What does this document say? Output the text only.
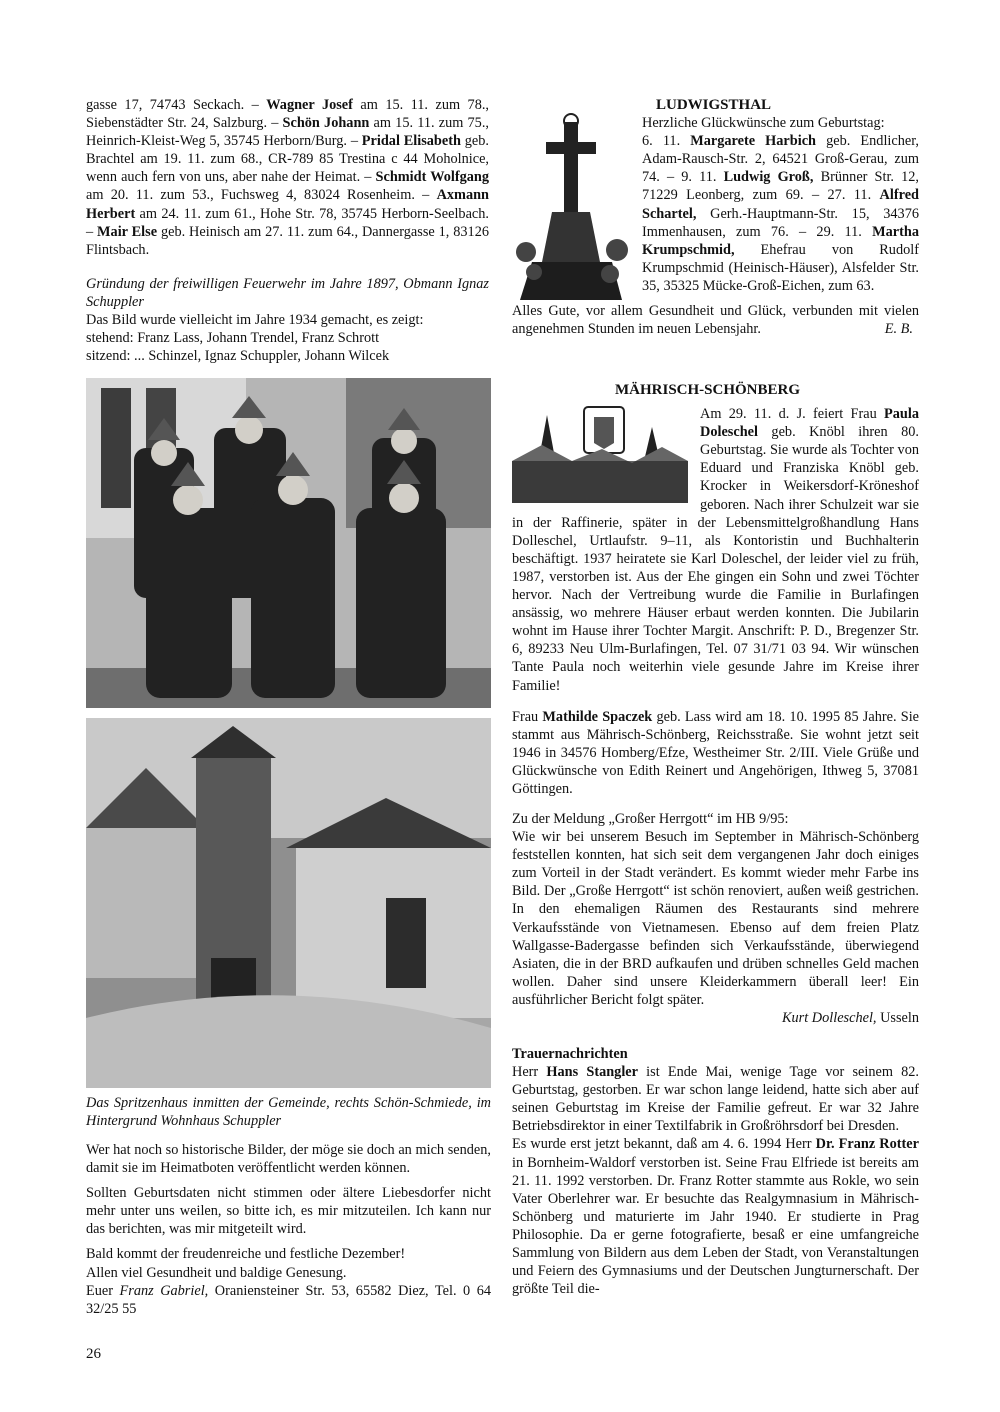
gasse 17, 74743 Seckach. – Wagner Josef am 15. 11. zum 78., Siebenstädter Str. 24, Salzburg. – Schön Johann am 15. 11. zum 75., Heinrich-Kleist-Weg 5, 35745 Herborn/Burg. – Pridal Elisabeth geb. Brachtel am 19. 11. zum 68., CR-789 85 Trestina c 44 Moholnice, wenn auch fern von uns, aber nahe der Heimat. – Schmidt Wolfgang am 20. 11. zum 53., Fuchsweg 4, 83024 Rosenheim. – Axmann Herbert am 24. 11. zum 61., Hohe Str. 78, 35745 Herborn-Seelbach. – Mair Else geb. Heinisch am 27. 11. zum 64., Dannergasse 1, 83126 Flintsbach.

Gründung der freiwilligen Feuerwehr im Jahre 1897, Obmann Ignaz Schuppler

Das Bild wurde vielleicht im Jahre 1934 gemacht, es zeigt:

stehend: Franz Lass, Johann Trendel, Franz Schrott

sitzend: ... Schinzel, Ignaz Schuppler, Johann Wilcek

Das Spritzenhaus inmitten der Gemeinde, rechts Schön-Schmiede, im Hintergrund Wohnhaus Schuppler

Wer hat noch so historische Bilder, der möge sie doch an mich senden, damit sie im Heimatboten veröffentlicht werden können.

Sollten Geburtsdaten nicht stimmen oder ältere Liebesdorfer nicht mehr unter uns weilen, so bitte ich, es mir mitzuteilen. Ich kann nur das berichten, was mir mitgeteilt wird.

Bald kommt der freudenreiche und festliche Dezember!

Allen viel Gesundheit und baldige Genesung.

Euer Franz Gabriel, Oraniensteiner Str. 53, 65582 Diez, Tel. 0 64 32/25 55

LUDWIGSTHAL
Herzliche Glückwünsche zum Geburtstag:
6. 11. Margarete Harbich geb. Endlicher, Adam-Rausch-Str. 2, 64521 Groß-Gerau, zum 74. – 9. 11. Ludwig Groß, Brünner Str. 12, 71229 Leonberg, zum 69. – 27. 11. Alfred Schartel, Gerh.-Hauptmann-Str. 15, 34376 Immenhausen, zum 76. – 29. 11. Martha Krumpschmid, Ehefrau von Rudolf Krumpschmid (Heinisch-Häuser), Alsfelder Str. 35, 35325 Mücke-Groß-Eichen, zum 63.

Alles Gute, vor allem Gesundheit und Glück, verbunden mit vielen angenehmen Stunden im neuen Lebensjahr.	E. B.

MÄHRISCH-SCHÖNBERG
Am 29. 11. d. J. feiert Frau Paula Doleschel geb. Knöbl ihren 80. Geburtstag. Sie wurde als Tochter von Eduard und Franziska Knöbl geb. Krocker in Weikersdorf-Kröneshof geboren. Nach ihrer Schulzeit war sie in der Raffinerie, später in der Lebensmittelgroßhandlung Hans Dolleschel, Urtlaufstr. 9–11, als Kontoristin und Buchhalterin beschäftigt. 1937 heiratete sie Karl Doleschel, der leider viel zu früh, 1987, verstorben ist. Aus der Ehe gingen ein Sohn und zwei Töchter hervor. Nach der Vertreibung wurde die Familie in Burlafingen ansässig, wo mehrere Häuser erbaut werden konnten. Die Jubilarin wohnt im Hause ihrer Tochter Margit. Anschrift: P. D., Bregenzer Str. 6, 89233 Neu Ulm-Burlafingen, Tel. 07 31/71 03 94. Wir wünschen Tante Paula noch weiterhin viele gesunde Jahre im Kreise ihrer Familie!
Frau Mathilde Spaczek geb. Lass wird am 18. 10. 1995 85 Jahre. Sie stammt aus Mährisch-Schönberg, Reichsstraße. Sie wohnt jetzt seit 1946 in 34576 Homberg/Efze, Westheimer Str. 2/III. Viele Grüße und Glückwünsche von Edith Reinert und Angehörigen, Ithweg 5, 37081 Göttingen.

Zu der Meldung „Großer Herrgott“ im HB 9/95:

Wie wir bei unserem Besuch im September in Mährisch-Schönberg feststellen konnten, hat sich seit dem vergangenen Jahr doch einiges zum Vorteil in der Stadt verändert. Es kommt wieder mehr Farbe ins Bild. Der „Große Herrgott“ ist schön renoviert, außen weiß gestrichen. In den ehemaligen Räumen des Restaurants sind mehrere Verkaufsstände von Vietnamesen. Ebenso auf dem freien Platz Wallgasse-Badergasse befinden sich Verkaufsstände, überwiegend Asiaten, die in der BRD aufkaufen und drüben schnelles Geld machen wollen. Daher sind unsere Kleiderkammern überall leer! Ein ausführlicher Bericht folgt später.

Kurt Dolleschel, Usseln

Trauernachrichten

Herr Hans Stangler ist Ende Mai, wenige Tage vor seinem 82. Geburtstag, gestorben. Er war schon lange leidend, hatte sich aber auf seinen Geburtstag im Kreise der Familie gefreut. Er war 32 Jahre Betriebsdirektor in einer Textilfabrik in Großröhrsdorf bei Dresden.

Es wurde erst jetzt bekannt, daß am 4. 6. 1994 Herr Dr. Franz Rotter in Bornheim-Waldorf verstorben ist. Seine Frau Elfriede ist bereits am 21. 11. 1992 verstorben. Dr. Franz Rotter stammte aus Rokle, wo sein Vater Oberlehrer war. Er besuchte das Realgymnasium in Mährisch-Schönberg und maturierte im Jahr 1940. Er studierte in Prag Philosophie. Da er gerne fotografierte, besaß er eine umfangreiche Sammlung von Bildern aus dem Leben der Stadt, von Veranstaltungen und Feiern des Gymnasiums und der Deutschen Jungturnerschaft. Der größte Teil die-

26
